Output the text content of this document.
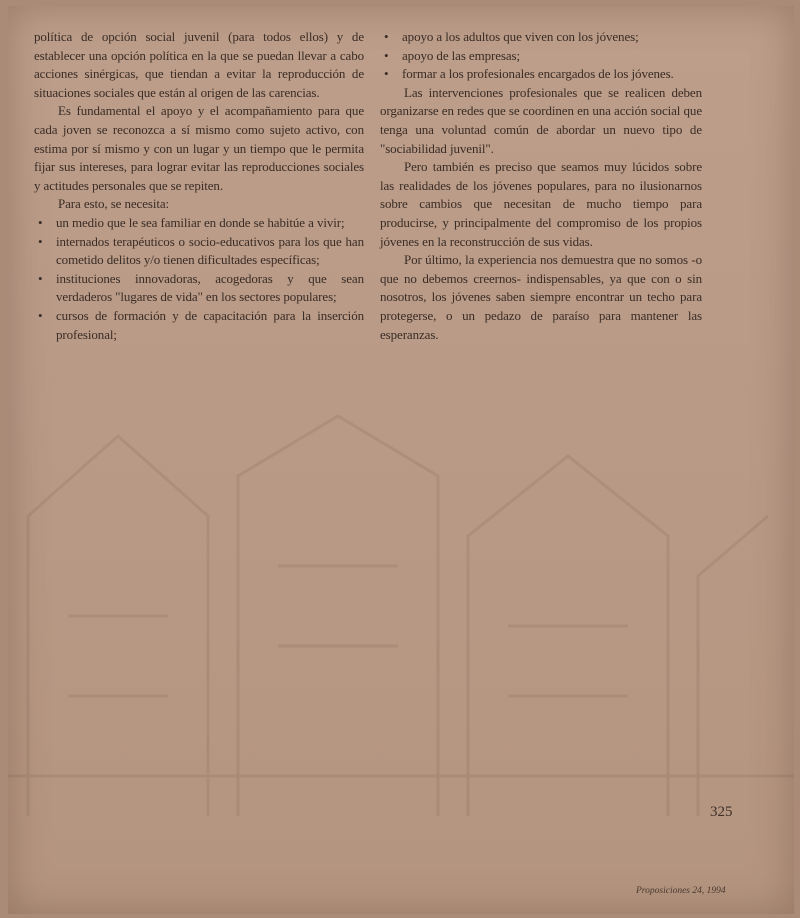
política de opción social juvenil (para todos ellos) y de establecer una opción política en la que se puedan llevar a cabo acciones sinérgicas, que tiendan a evitar la reproducción de situaciones sociales que están al origen de las carencias.

Es fundamental el apoyo y el acompañamiento para que cada joven se reconozca a sí mismo como sujeto activo, con estima por sí mismo y con un lugar y un tiempo que le permita fijar sus intereses, para lograr evitar las reproducciones sociales y actitudes personales que se repiten.

Para esto, se necesita:

• un medio que le sea familiar en donde se habitúe a vivir;
• internados terapéuticos o socio-educativos para los que han cometido delitos y/o tienen dificultades específicas;
• instituciones innovadoras, acogedoras y que sean verdaderos "lugares de vida" en los sectores populares;
• cursos de formación y de capacitación para la inserción profesional;
• apoyo a los adultos que viven con los jóvenes;
• apoyo de las empresas;
• formar a los profesionales encargados de los jóvenes.

Las intervenciones profesionales que se realicen deben organizarse en redes que se coordinen en una acción social que tenga una voluntad común de abordar un nuevo tipo de "sociabilidad juvenil".

Pero también es preciso que seamos muy lúcidos sobre las realidades de los jóvenes populares, para no ilusionarnos sobre cambios que necesitan de mucho tiempo para producirse, y principalmente del compromiso de los propios jóvenes en la reconstrucción de sus vidas.

Por último, la experiencia nos demuestra que no somos -o que no debemos creernos- indispensables, ya que con o sin nosotros, los jóvenes saben siempre encontrar un techo para protegerse, o un pedazo de paraíso para mantener las esperanzas.

325
Proposiciones 24, 1994
